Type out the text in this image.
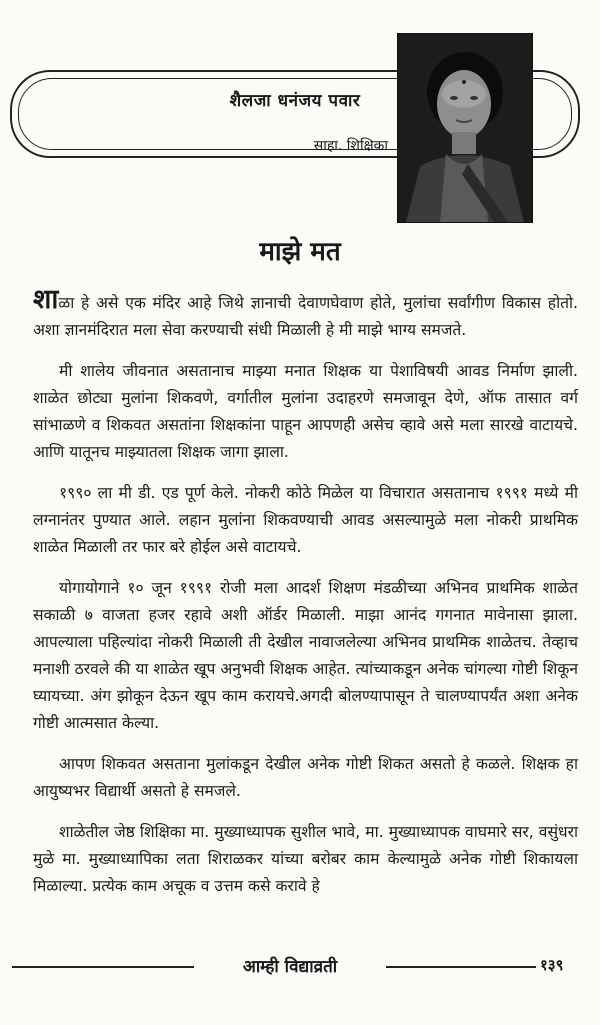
शैलजा धनंजय पवार
साहा. शिक्षिका
माझे मत

शाळा हे असे एक मंदिर आहे जिथे ज्ञानाची देवाणघेवाण होते, मुलांचा सर्वांगीण विकास होतो. अशा ज्ञानमंदिरात मला सेवा करण्याची संधी मिळाली हे मी माझे भाग्य समजते.

मी शालेय जीवनात असतानाच माझ्या मनात शिक्षक या पेशाविषयी आवड निर्माण झाली. शाळेत छोट्या मुलांना शिकवणे, वर्गातील मुलांना उदाहरणे समजावून देणे, ऑफ तासात वर्ग सांभाळणे व शिकवत असतांना शिक्षकांना पाहून आपणही असेच व्हावे असे मला सारखे वाटायचे. आणि यातूनच माझ्यातला शिक्षक जागा झाला.

१९९० ला मी डी. एड पूर्ण केले. नोकरी कोठे मिळेल या विचारात असतानाच १९९१ मध्ये मी लग्नानंतर पुण्यात आले. लहान मुलांना शिकवण्याची आवड असल्यामुळे मला नोकरी प्राथमिक शाळेत मिळाली तर फार बरे होईल असे वाटायचे.

योगायोगाने १० जून १९९१ रोजी मला आदर्श शिक्षण मंडळीच्या अभिनव प्राथमिक शाळेत सकाळी ७ वाजता हजर रहावे अशी ऑर्डर मिळाली. माझा आनंद गगनात मावेनासा झाला. आपल्याला पहिल्यांदा नोकरी मिळाली ती देखील नावाजलेल्या अभिनव प्राथमिक शाळेतच. तेव्हाच मनाशी ठरवले की या शाळेत खूप अनुभवी शिक्षक आहेत. त्यांच्याकडून अनेक चांगल्या गोष्टी शिकून घ्यायच्या. अंग झोकून देऊन खूप काम करायचे.अगदी बोलण्यापासून ते चालण्यापर्यंत अशा अनेक गोष्टी आत्मसात केल्या.

आपण शिकवत असताना मुलांकडून देखील अनेक गोष्टी शिकत असतो हे कळले. शिक्षक हा आयुष्यभर विद्यार्थी असतो हे समजले.

शाळेतील जेष्ठ शिक्षिका मा. मुख्याध्यापक सुशील भावे, मा. मुख्याध्यापक वाघमारे सर, वसुंधरा मुळे मा. मुख्याध्यापिका लता शिराळकर यांच्या बरोबर काम केल्यामुळे अनेक गोष्टी शिकायला मिळाल्या. प्रत्येक काम अचूक व उत्तम कसे करावे हे

आम्ही विद्याव्रती	१३९
